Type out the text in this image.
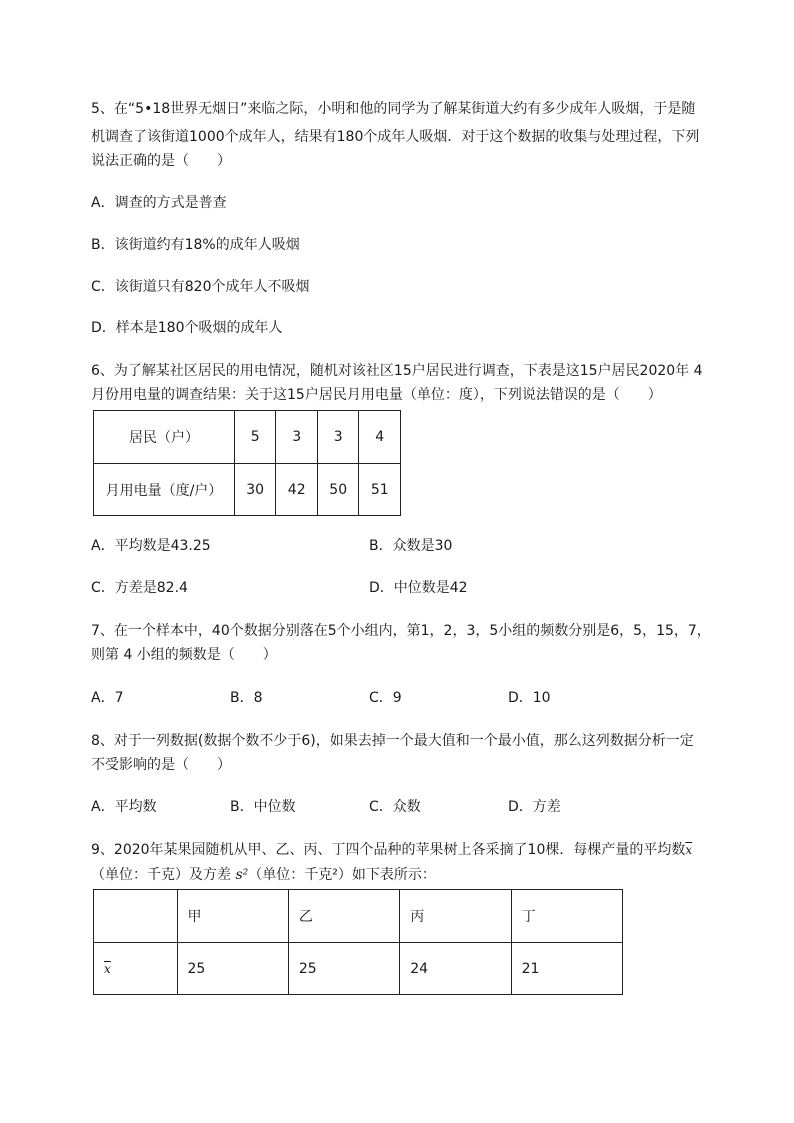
5、在“5•18世界无烟日”来临之际，小明和他的同学为了解某街道大约有多少成年人吸烟，于是随
机调查了该街道1000个成年人，结果有180个成年人吸烟．对于这个数据的收集与处理过程，下列
说法正确的是（　　）
A．调查的方式是普查
B．该街道约有18%的成年人吸烟
C．该街道只有820个成年人不吸烟
D．样本是180个吸烟的成年人
6、为了解某社区居民的用电情况，随机对该社区15户居民进行调查，下表是这15户居民2020年 4
月份用电量的调查结果：关于这15户居民月用电量（单位：度），下列说法错误的是（　　）
居民（户）	5	3	3	4
月用电量（度/户）	30	42	50	51
A．平均数是43.25	B．众数是30
C．方差是82.4	D．中位数是42
7、在一个样本中，40个数据分别落在5个小组内，第1，2，3，5小组的频数分别是6，5，15，7，
则第 4 小组的频数是（　　）
A．7	B．8	C．9	D．10
8、对于一列数据(数据个数不少于6)，如果去掉一个最大值和一个最小值，那么这列数据分析一定
不受影响的是（　　）
A．平均数	B．中位数	C．众数	D．方差
9、2020年某果园随机从甲、乙、丙、丁四个品种的苹果树上各采摘了10棵．每棵产量的平均数$\overline{x}$
（单位：千克）及方差 s²（单位：千克²）如下表所示：
	甲	乙	丙	丁
$\overline{x}$	25	25	24	21
